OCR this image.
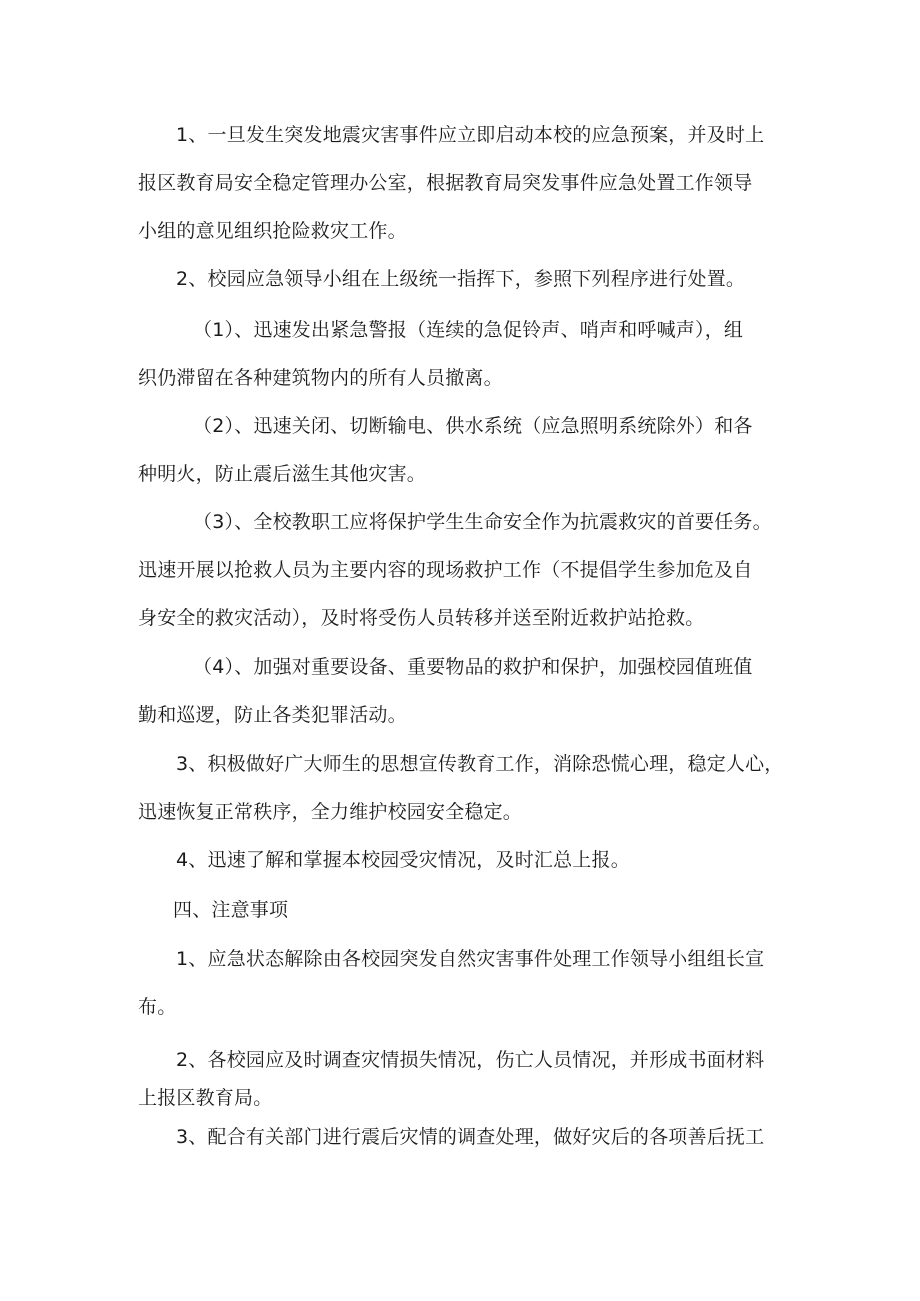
1、一旦发生突发地震灾害事件应立即启动本校的应急预案，并及时上
报区教育局安全稳定管理办公室，根据教育局突发事件应急处置工作领导
小组的意见组织抢险救灾工作。
2、校园应急领导小组在上级统一指挥下，参照下列程序进行处置。
（1）、迅速发出紧急警报（连续的急促铃声、哨声和呼喊声），组
织仍滞留在各种建筑物内的所有人员撤离。
（2）、迅速关闭、切断输电、供水系统（应急照明系统除外）和各
种明火，防止震后滋生其他灾害。
（3）、全校教职工应将保护学生生命安全作为抗震救灾的首要任务。
迅速开展以抢救人员为主要内容的现场救护工作（不提倡学生参加危及自
身安全的救灾活动），及时将受伤人员转移并送至附近救护站抢救。
（4）、加强对重要设备、重要物品的救护和保护，加强校园值班值
勤和巡逻，防止各类犯罪活动。
3、积极做好广大师生的思想宣传教育工作，消除恐慌心理，稳定人心，
迅速恢复正常秩序，全力维护校园安全稳定。
4、迅速了解和掌握本校园受灾情况，及时汇总上报。
四、注意事项
1、应急状态解除由各校园突发自然灾害事件处理工作领导小组组长宣
布。
2、各校园应及时调查灾情损失情况，伤亡人员情况，并形成书面材料
上报区教育局。
3、配合有关部门进行震后灾情的调查处理，做好灾后的各项善后抚工
